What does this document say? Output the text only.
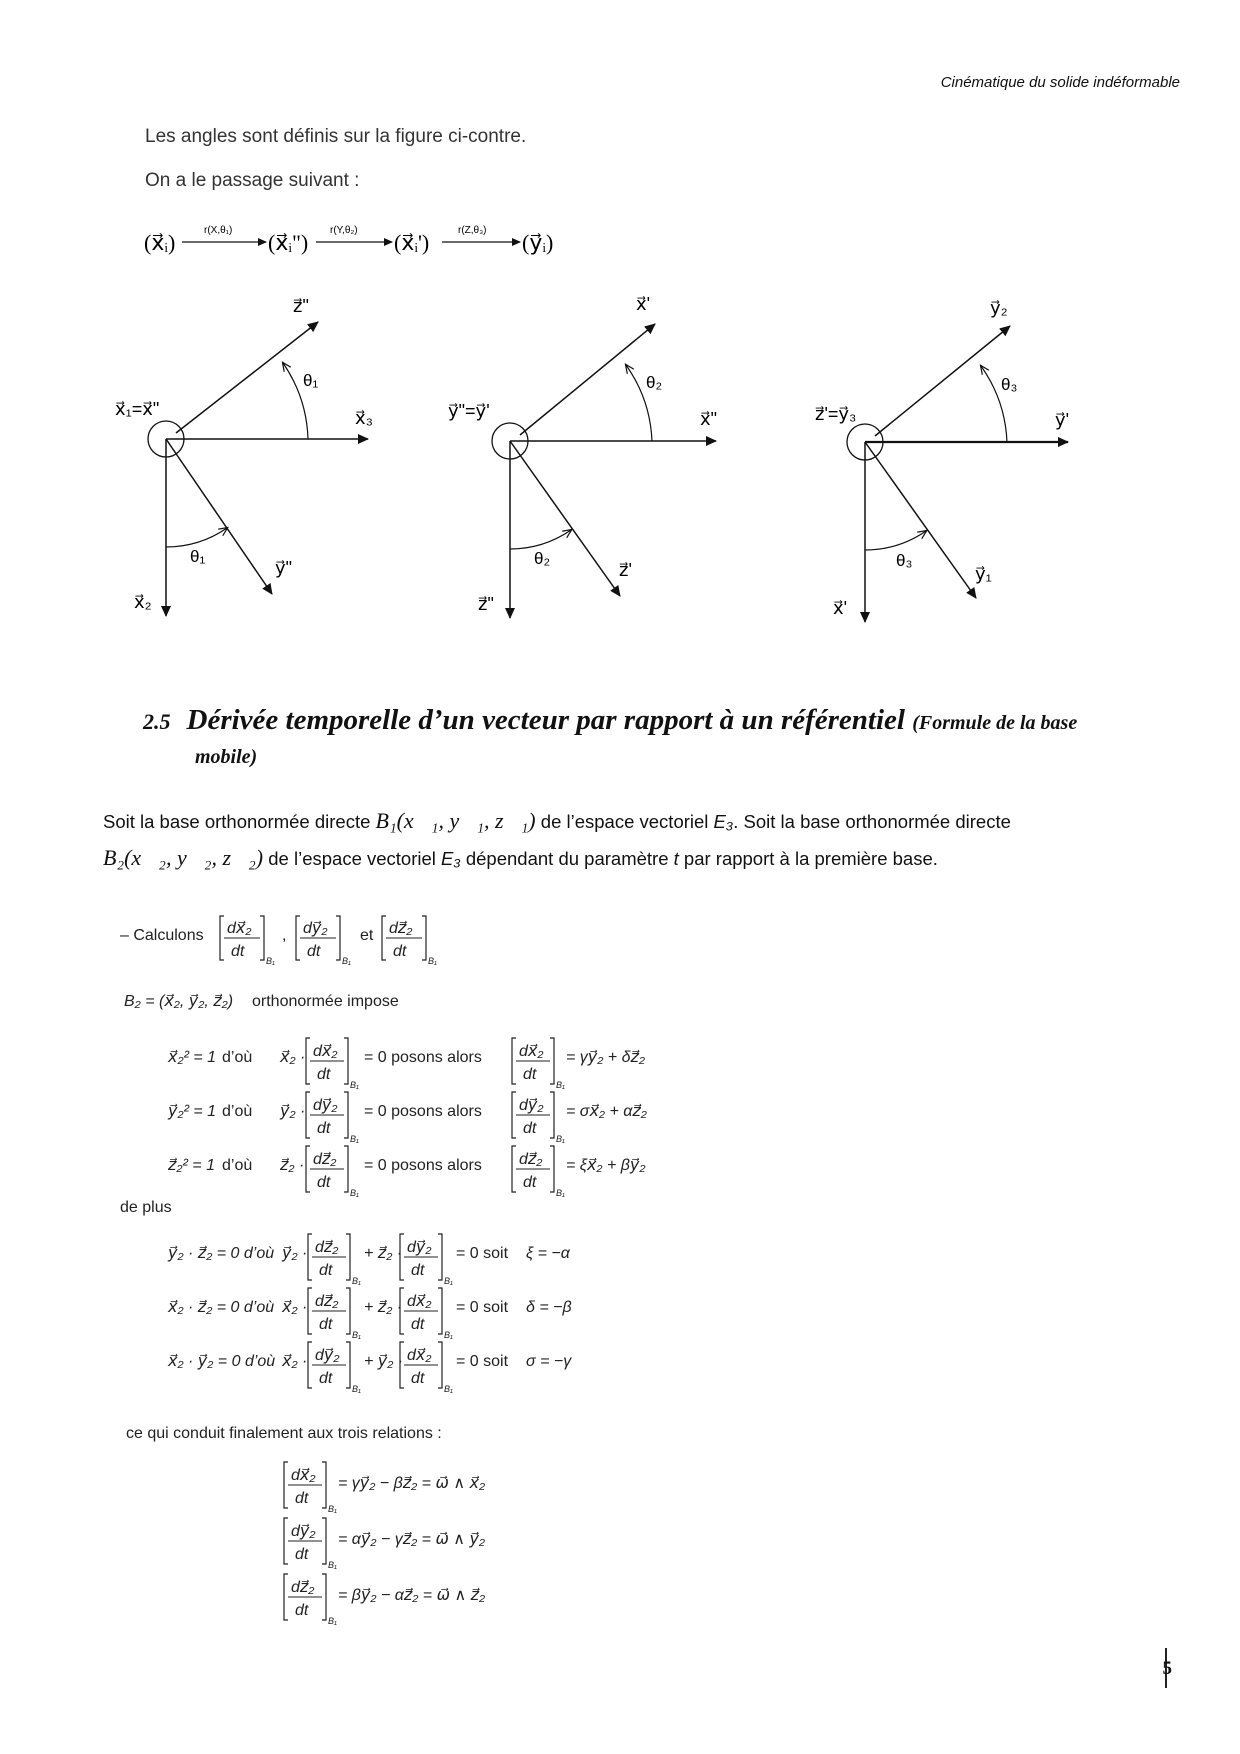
Cinématique du solide indéformable
Les angles sont définis sur la figure ci-contre.
On a le passage suivant :
(x⃗ᵢ)	r(X,θ₁) (x⃗ᵢ") r(Y,θ₂) (x⃗ᵢ')	r(Z,θ₃) (y⃗ᵢ)
x⃗₁=x⃗"
z⃗"
x⃗₃
x⃗₂
y⃗"
θ₁
θ₁
y⃗"=y⃗'
x⃗'
x⃗"
z⃗"
z⃗'
θ₂
θ₂
z⃗'=y⃗₃
y⃗₂
y⃗'
x⃗'
y⃗₁
θ₃
θ₃
2.5 Dérivée temporelle d’un vecteur par rapport à un référentiel (Formule de la base
mobile)
Soit la base orthonormée directe B₁(x⃗₁, y⃗₁, z⃗₁) de l’espace vectoriel E₃. Soit la base orthonormée directe
B₂(x⃗₂, y⃗₂, z⃗₂) de l’espace vectoriel E₃ dépendant du paramètre t par rapport à la première base.
– Calculons dx⃗₂
dt
B₁
, dy⃗₂
dt
B₁
et dz⃗₂
dt
B₁
B₂ = (x⃗₂, y⃗₂, z⃗₂) orthonormée impose
x⃗₂² = 1 d’où x⃗₂ · dx⃗₂
dt
B₁
= 0 posons alors dx⃗₂
dt
B₁
= γy⃗₂ + δz⃗₂
y⃗₂² = 1 d’où y⃗₂ · dy⃗₂
dt
B₁
= 0 posons alors dy⃗₂
dt
B₁
= σx⃗₂ + αz⃗₂
z⃗₂² = 1 d’où z⃗₂ · dz⃗₂
dt
B₁
= 0 posons alors dz⃗₂
dt
B₁
= ξx⃗₂ + βy⃗₂
de plus
y⃗₂ · z⃗₂ = 0 d’où y⃗₂ · dz⃗₂
dt
B₁
+ z⃗₂ · dy⃗₂
dt
B₁
= 0 soit ξ = −α
x⃗₂ · z⃗₂ = 0 d’où x⃗₂ · dz⃗₂
dt
B₁
+ z⃗₂ · dx⃗₂
dt
B₁
= 0 soit δ = −β
x⃗₂ · y⃗₂ = 0 d’où x⃗₂ · dy⃗₂
dt
B₁
+ y⃗₂ · dx⃗₂
dt
B₁
= 0 soit σ = −γ
ce qui conduit finalement aux trois relations :
dx⃗₂
dt
B₁
= γy⃗₂ − βz⃗₂ = ω⃗ ∧ x⃗₂
dy⃗₂
dt
B₁
= αy⃗₂ − γz⃗₂ = ω⃗ ∧ y⃗₂
dz⃗₂
dt
B₁
= βy⃗₂ − αz⃗₂ = ω⃗ ∧ z⃗₂
5
